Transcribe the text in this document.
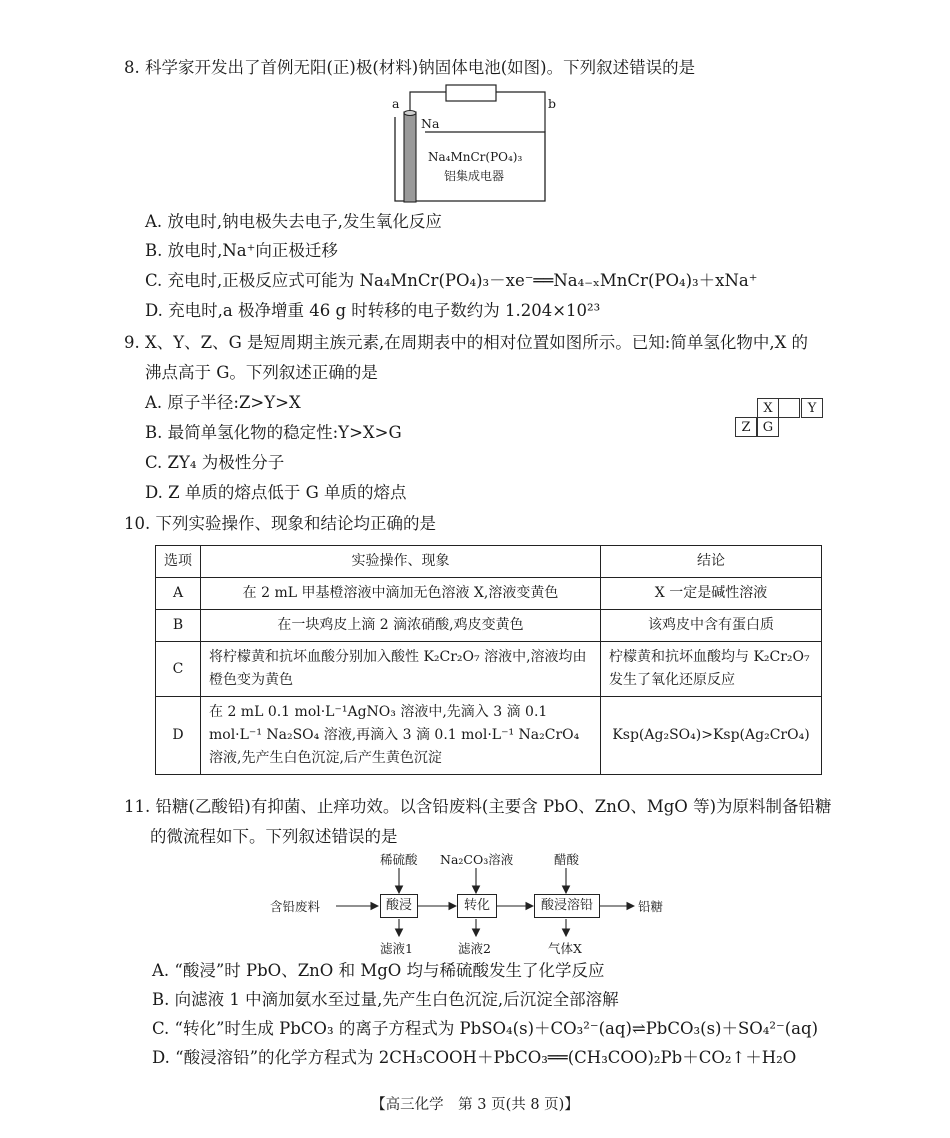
8. 科学家开发出了首例无阳(正)极(材料)钠固体电池(如图)。下列叙述错误的是
a	b
Na
Na₄MnCr(PO₄)₃
铝集成电器
A. 放电时,钠电极失去电子,发生氧化反应
B. 放电时,Na⁺向正极迁移
C. 充电时,正极反应式可能为 Na₄MnCr(PO₄)₃－xe⁻══Na₄₋ₓMnCr(PO₄)₃＋xNa⁺
D. 充电时,a 极净增重 46 g 时转移的电子数约为 1.204×10²³
9. X、Y、Z、G 是短周期主族元素,在周期表中的相对位置如图所示。已知:简单氢化物中,X 的
沸点高于 G。下列叙述正确的是
X	Y
Z G
A. 原子半径:Z>Y>X
B. 最简单氢化物的稳定性:Y>X>G
C. ZY₄ 为极性分子
D. Z 单质的熔点低于 G 单质的熔点
10. 下列实验操作、现象和结论均正确的是
选项	实验操作、现象	结论
A	在 2 mL 甲基橙溶液中滴加无色溶液 X,溶液变黄色	X 一定是碱性溶液
B	在一块鸡皮上滴 2 滴浓硝酸,鸡皮变黄色	该鸡皮中含有蛋白质
C	将柠檬黄和抗坏血酸分别加入酸性 K₂Cr₂O₇ 溶液中,溶液均由橙色变为黄色	柠檬黄和抗坏血酸均与 K₂Cr₂O₇ 发生了氧化还原反应
D	在 2 mL 0.1 mol·L⁻¹AgNO₃ 溶液中,先滴入 3 滴 0.1 mol·L⁻¹ Na₂SO₄ 溶液,再滴入 3 滴 0.1 mol·L⁻¹ Na₂CrO₄ 溶液,先产生白色沉淀,后产生黄色沉淀	Ksp(Ag₂SO₄)>Ksp(Ag₂CrO₄)
11. 铅糖(乙酸铅)有抑菌、止痒功效。以含铅废料(主要含 PbO、ZnO、MgO 等)为原料制备铅糖
的微流程如下。下列叙述错误的是
稀硫酸 Na₂CO₃溶液	醋酸
含铅废料	酸浸	转化	酸浸溶铅	铅糖
滤液1	滤液2	气体X
A. “酸浸”时 PbO、ZnO 和 MgO 均与稀硫酸发生了化学反应
B. 向滤液 1 中滴加氨水至过量,先产生白色沉淀,后沉淀全部溶解
C. “转化”时生成 PbCO₃ 的离子方程式为 PbSO₄(s)＋CO₃²⁻(aq)⇌PbCO₃(s)＋SO₄²⁻(aq)
D. “酸浸溶铅”的化学方程式为 2CH₃COOH＋PbCO₃══(CH₃COO)₂Pb＋CO₂↑＋H₂O
【高三化学　第 3 页(共 8 页)】
